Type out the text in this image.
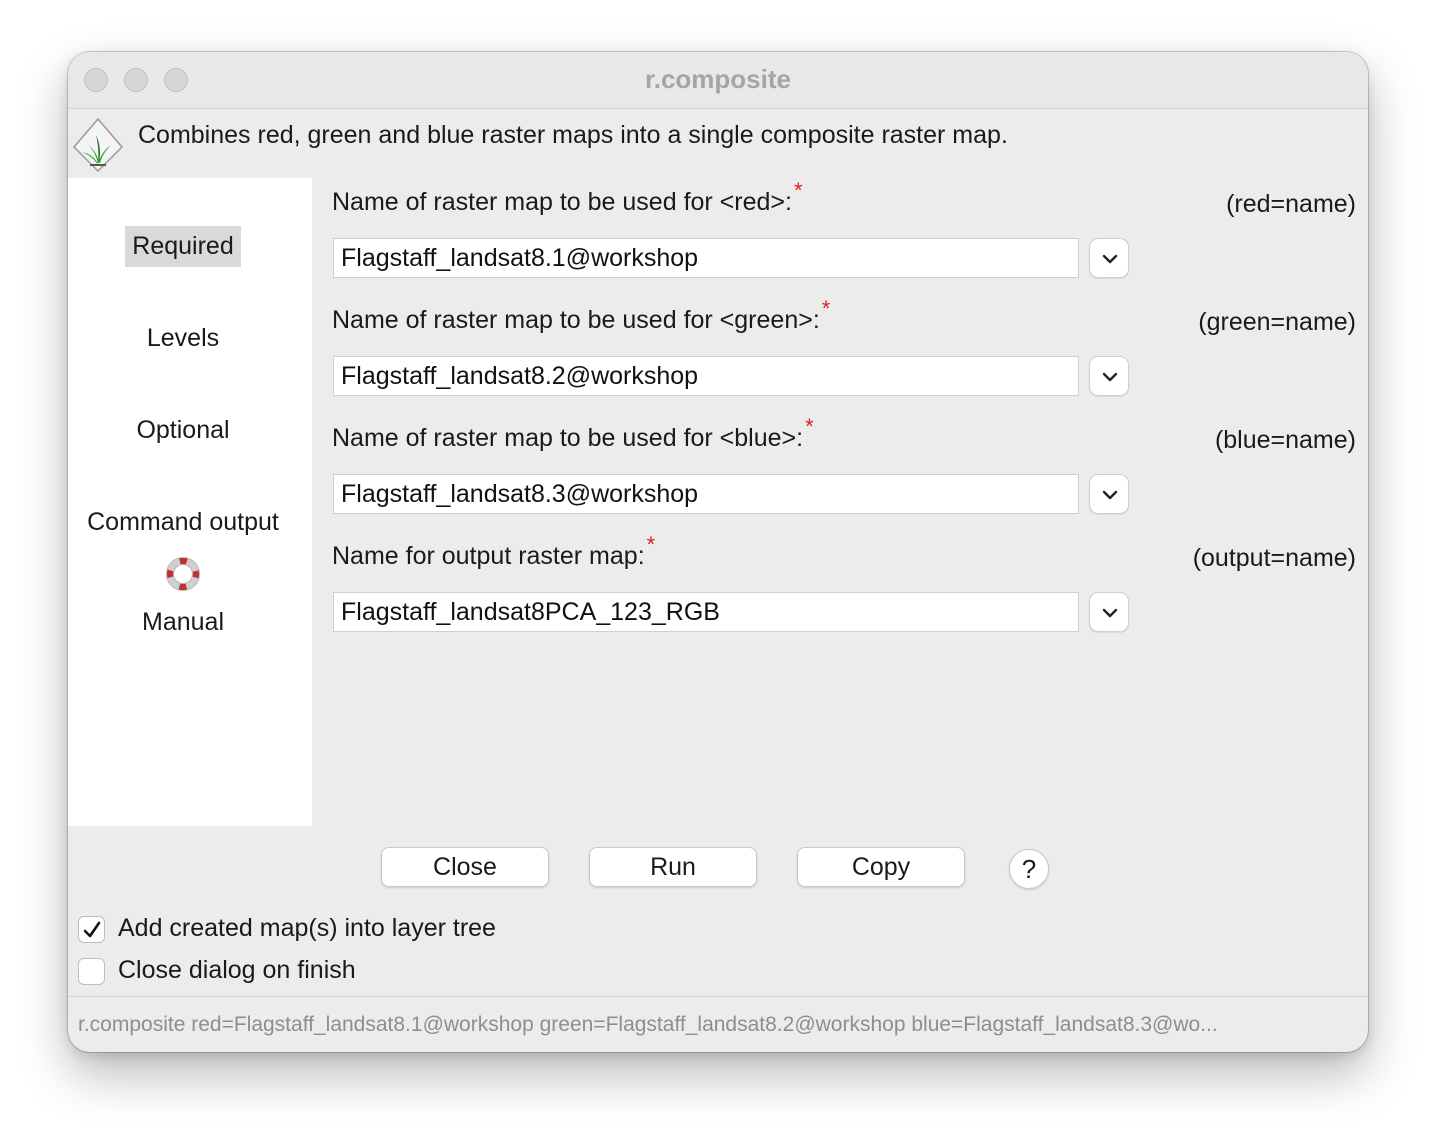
r.composite
Combines red, green and blue raster maps into a single composite raster map.
Required
Levels
Optional
Command output
Manual
Name of raster map to be used for <red>:*	(red=name)
Flagstaff_landsat8.1@workshop
Name of raster map to be used for <green>:*	(green=name)
Flagstaff_landsat8.2@workshop
Name of raster map to be used for <blue>:*	(blue=name)
Flagstaff_landsat8.3@workshop
Name for output raster map:*	(output=name)
Flagstaff_landsat8PCA_123_RGB
Close	Run	Copy	?
Add created map(s) into layer tree
Close dialog on finish
r.composite red=Flagstaff_landsat8.1@workshop green=Flagstaff_landsat8.2@workshop blue=Flagstaff_landsat8.3@wo...
